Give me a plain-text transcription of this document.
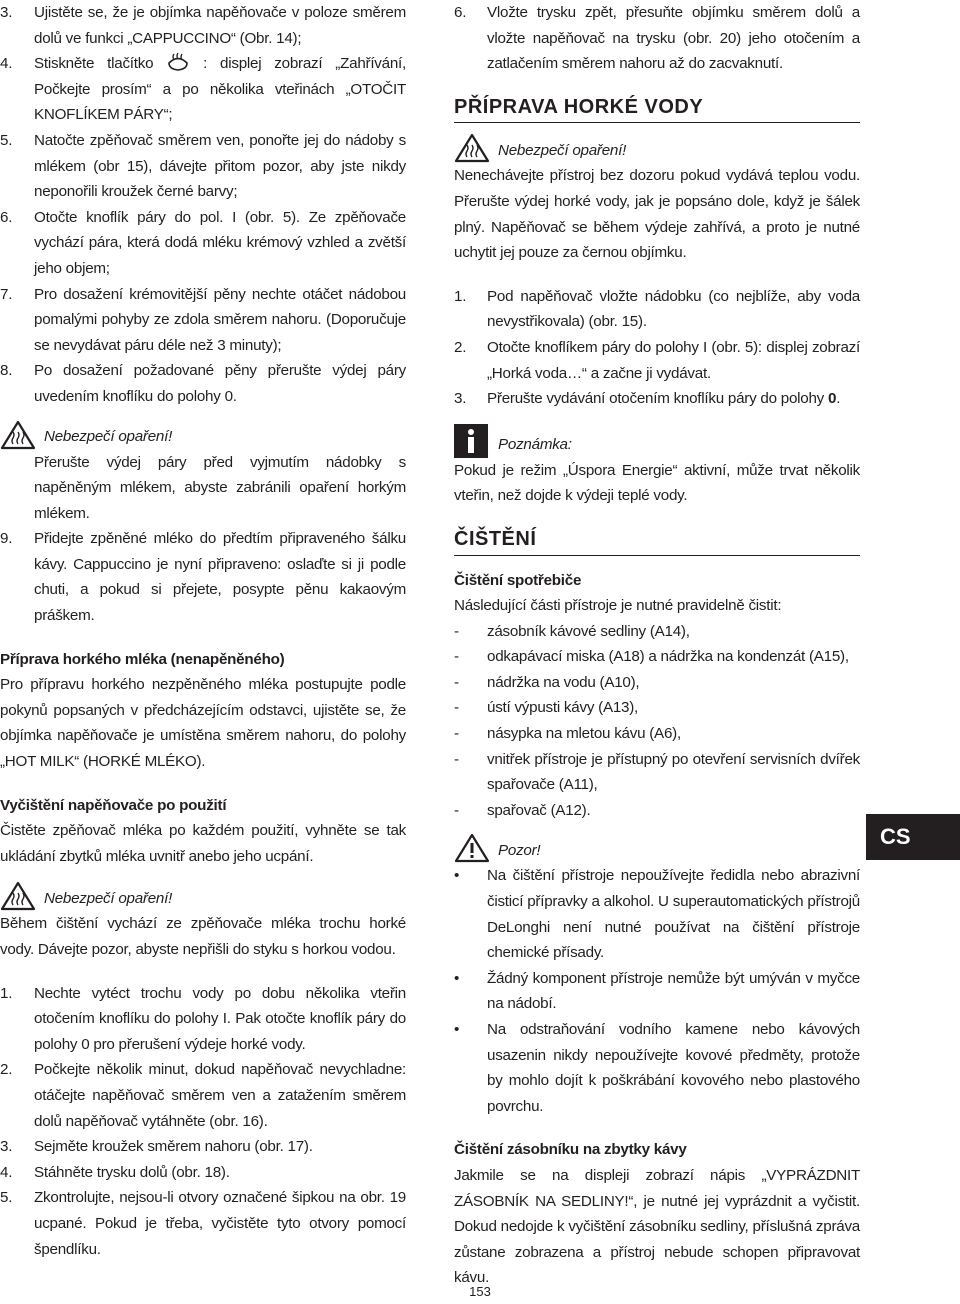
3.	Ujistěte se, že je objímka napěňovače v poloze směrem dolů ve funkci „CAPPUCCINO“ (Obr. 14);
4.	Stiskněte tlačítko	: displej zobrazí „Zahřívání, Počkejte prosím“ a po několika vteřinách „OTOČIT KNOFLÍKEM PÁRY“;
5.	Natočte zpěňovač směrem ven, ponořte jej do nádoby s mlékem (obr 15), dávejte přitom pozor, aby jste nikdy neponořili kroužek černé barvy;
6.	Otočte knoflík páry do pol. I (obr. 5). Ze zpěňovače vychází pára, která dodá mléku krémový vzhled a zvětší jeho objem;
7.	Pro dosažení krémovitější pěny nechte otáčet nádobou pomalými pohyby ze zdola směrem nahoru. (Doporučuje se nevydávat páru déle než 3 minuty);
8.	Po dosažení požadované pěny přerušte výdej páry uvedením knoflíku do polohy 0.
Nebezpečí opaření!

Přerušte výdej páry před vyjmutím nádobky s napěněným mlékem, abyste zabránili opaření horkým mlékem.

9.	Přidejte zpěněné mléko do předtím připraveného šálku kávy. Cappuccino je nyní připraveno: oslaďte si ji podle chuti, a pokud si přejete, posypte pěnu kakaovým práškem.

Příprava horkého mléka (nenapěněného)

Pro přípravu horkého nezpěněného mléka postupujte podle pokynů popsaných v předcházejícím odstavci, ujistěte se, že objímka napěňovače je umístěna směrem nahoru, do polohy „HOT MILK“ (HORKÉ MLÉKO).

Vyčištění napěňovače po použití

Čistěte zpěňovač mléka po každém použití, vyhněte se tak ukládání zbytků mléka uvnitř anebo jeho ucpání.

Nebezpečí opaření!

Během čištění vychází ze zpěňovače mléka trochu horké vody. Dávejte pozor, abyste nepřišli do styku s horkou vodou.

1.	Nechte vytéct trochu vody po dobu několika vteřin otočením knoflíku do polohy I. Pak otočte knoflík páry do polohy 0 pro přerušení výdeje horké vody.
2.	Počkejte několik minut, dokud napěňovač nevychladne: otáčejte napěňovač směrem ven a zatažením směrem dolů napěňovač vytáhněte (obr. 16).
3.	Sejměte kroužek směrem nahoru (obr. 17).
4.	Stáhněte trysku dolů (obr. 18).
5.	Zkontrolujte, nejsou-li otvory označené šipkou na obr. 19 ucpané. Pokud je třeba, vyčistěte tyto otvory pomocí špendlíku.
6.	Vložte trysku zpět, přesuňte objímku směrem dolů a vložte napěňovač na trysku (obr. 20) jeho otočením a zatlačením směrem nahoru až do zacvaknutí.
PŘÍPRAVA HORKÉ VODY
Nebezpečí opaření!

Nenechávejte přístroj bez dozoru pokud vydává teplou vodu. Přerušte výdej horké vody, jak je popsáno dole, když je šálek plný. Napěňovač se během výdeje zahřívá, a proto je nutné uchytit jej pouze za černou objímku.

1.	Pod napěňovač vložte nádobku (co nejblíže, aby voda nevystřikovala) (obr. 15).
2.	Otočte knoflíkem páry do polohy I (obr. 5): displej zobrazí „Horká voda…“ a začne ji vydávat.
3.	Přerušte vydávání otočením knoflíku páry do polohy 0.
Poznámka:

Pokud je režim „Úspora Energie“ aktivní, může trvat několik vteřin, než dojde k výdeji teplé vody.

ČIŠTĚNÍ

Čištění spotřebiče

Následující části přístroje je nutné pravidelně čistit:

-	zásobník kávové sedliny (A14),
-	odkapávací miska (A18) a nádržka na kondenzát (A15),
-	nádržka na vodu (A10),
-	ústí výpusti kávy (A13),
-	násypka na mletou kávu (A6),
-	vnitřek přístroje je přístupný po otevření servisních dvířek spařovače (A11),
-	spařovač (A12).
Pozor!
•	Na čištění přístroje nepoužívejte ředidla nebo abrazivní čisticí přípravky a alkohol. U superautomatických přístrojů DeLonghi není nutné používat na čištění přístroje chemické přísady.
•	Žádný komponent přístroje nemůže být umýván v myčce na nádobí.
•	Na odstraňování vodního kamene nebo kávových usazenin nikdy nepoužívejte kovové předměty, protože by mohlo dojít k poškrábání kovového nebo plastového povrchu.

Čištění zásobníku na zbytky kávy

Jakmile se na displeji zobrazí nápis „VYPRÁZDNIT ZÁSOBNÍK NA SEDLINY!“, je nutné jej vyprázdnit a vyčistit. Dokud nedojde k vyčištění zásobníku sedliny, příslušná zpráva zůstane zobrazena a přístroj nebude schopen připravovat kávu.

CS
153
